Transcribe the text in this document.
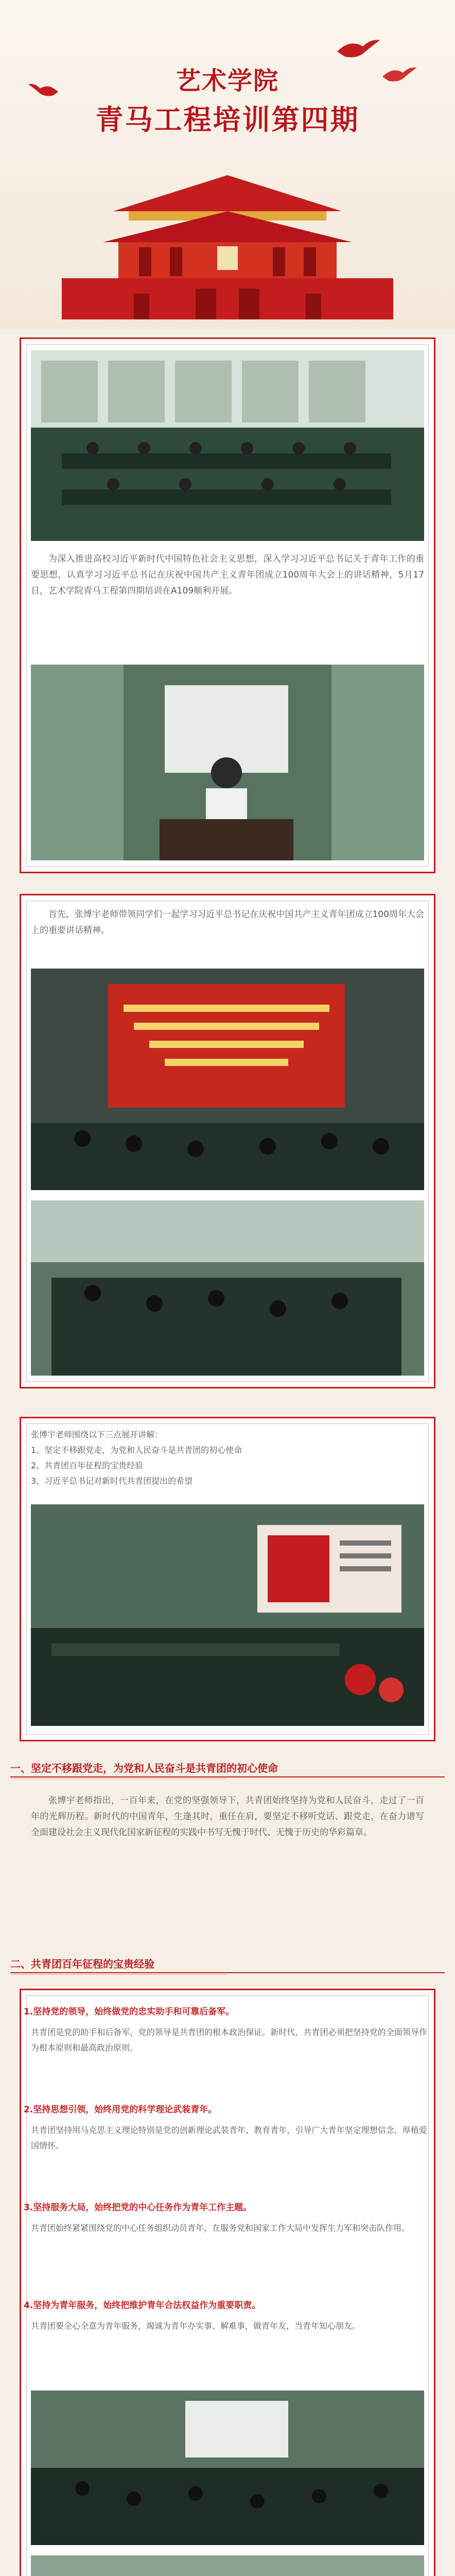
艺术学院
青马工程培训第四期
为深入推进高校习近平新时代中国特色社会主义思想，深入学习习近平总书记关于青年工作的重要思想，认真学习习近平总书记在庆祝中国共产主义青年团成立100周年大会上的讲话精神，5月17日，艺术学院青马工程第四期培训在A109顺利开展。
首先，张博宇老师带领同学们一起学习习近平总书记在庆祝中国共产主义青年团成立100周年大会上的重要讲话精神。
张博宇老师围绕以下三点展开讲解：
1、坚定不移跟党走，为党和人民奋斗是共青团的初心使命
2、共青团百年征程的宝贵经验
3、习近平总书记对新时代共青团提出的希望
一、坚定不移跟党走，为党和人民奋斗是共青团的初心使命
张博宇老师指出，一百年来，在党的坚强领导下，共青团始终坚持为党和人民奋斗，走过了一百年的光辉历程。新时代的中国青年，生逢其时，重任在肩，要坚定不移听党话、跟党走，在奋力谱写全面建设社会主义现代化国家新征程的实践中书写无愧于时代、无愧于历史的华彩篇章。
二、共青团百年征程的宝贵经验
1.坚持党的领导，始终做党的忠实助手和可靠后备军。
共青团是党的助手和后备军，党的领导是共青团的根本政治保证。新时代，共青团必须把坚持党的全面领导作为根本原则和最高政治原则。
2.坚持思想引领，始终用党的科学理论武装青年。
共青团坚持用马克思主义理论特别是党的创新理论武装青年、教育青年，引导广大青年坚定理想信念，厚植爱国情怀。
3.坚持服务大局，始终把党的中心任务作为青年工作主题。
共青团始终紧紧围绕党的中心任务组织动员青年，在服务党和国家工作大局中发挥生力军和突击队作用。
4.坚持为青年服务，始终把维护青年合法权益作为重要职责。
共青团要全心全意为青年服务，竭诚为青年办实事、解难事，做青年友，当青年知心朋友。
